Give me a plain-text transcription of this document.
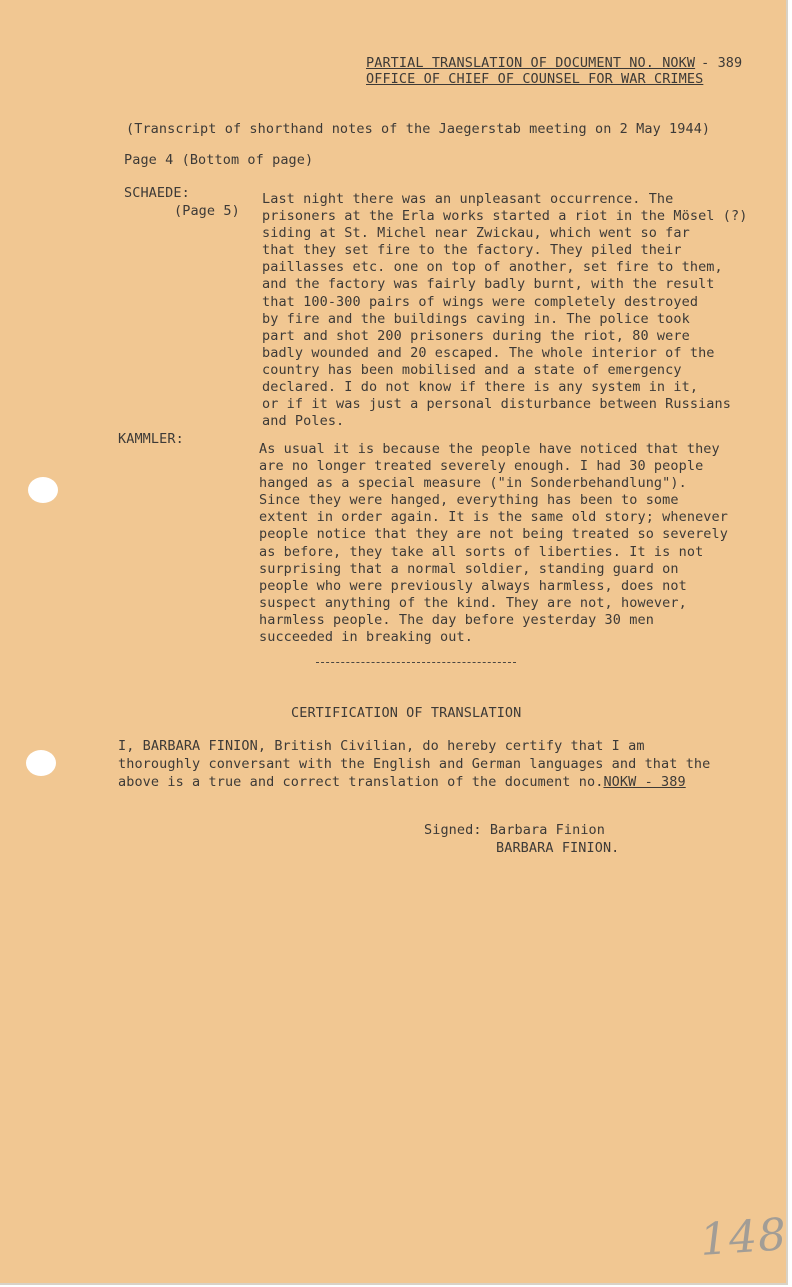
PARTIAL TRANSLATION OF DOCUMENT NO. NOKW - 389
OFFICE OF CHIEF OF COUNSEL FOR WAR CRIMES
(Transcript of shorthand notes of the Jaegerstab meeting on 2 May 1944)
Page 4 (Bottom of page)
SCHAEDE:
(Page 5)
Last night there was an unpleasant occurrence. The
prisoners at the Erla works started a riot in the Mösel (?)
siding at St. Michel near Zwickau, which went so far
that they set fire to the factory. They piled their
paillasses etc. one on top of another, set fire to them,
and the factory was fairly badly burnt, with the result
that 100-300 pairs of wings were completely destroyed
by fire and the buildings caving in. The police took
part and shot 200 prisoners during the riot, 80 were
badly wounded and 20 escaped. The whole interior of the
country has been mobilised and a state of emergency
declared. I do not know if there is any system in it,
or if it was just a personal disturbance between Russians
and Poles.
KAMMLER:
As usual it is because the people have noticed that they
are no longer treated severely enough. I had 30 people
hanged as a special measure ("in Sonderbehandlung").
Since they were hanged, everything has been to some
extent in order again. It is the same old story; whenever
people notice that they are not being treated so severely
as before, they take all sorts of liberties. It is not
surprising that a normal soldier, standing guard on
people who were previously always harmless, does not
suspect anything of the kind. They are not, however,
harmless people. The day before yesterday 30 men
succeeded in breaking out.
CERTIFICATION OF TRANSLATION
I, BARBARA FINION, British Civilian, do hereby certify that I am
thoroughly conversant with the English and German languages and that the
above is a true and correct translation of the document no.NOKW - 389
Signed: Barbara Finion
BARBARA FINION.
148
